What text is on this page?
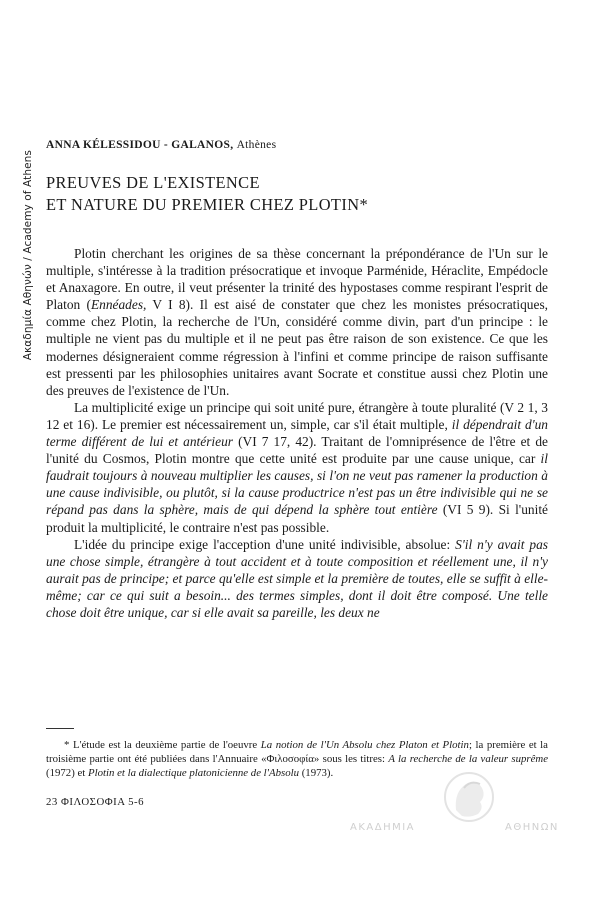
Ακαδημία Αθηνών / Academy of Athens
ANNA KÉLESSIDOU - GALANOS, Athènes
PREUVES DE L'EXISTENCE
ET NATURE DU PREMIER CHEZ PLOTIN*

Plotin cherchant les origines de sa thèse concernant la prépondérance de l'Un sur le multiple, s'intéresse à la tradition présocratique et invoque Parménide, Héraclite, Empédocle et Anaxagore. En outre, il veut présenter la trinité des hypostases comme respirant l'esprit de Platon (Ennéades, V I 8). Il est aisé de constater que chez les monistes présocratiques, comme chez Plotin, la recherche de l'Un, considéré comme divin, part d'un principe : le multiple ne vient pas du multiple et il ne peut pas être raison de son existence. Ce que les modernes désigneraient comme régression à l'infini et comme principe de raison suffisante est pressenti par les philosophies unitaires avant Socrate et constitue aussi chez Plotin une des preuves de l'existence de l'Un.

La multiplicité exige un principe qui soit unité pure, étrangère à toute pluralité (V 2 1, 3 12 et 16). Le premier est nécessairement un, simple, car s'il était multiple, il dépendrait d'un terme différent de lui et antérieur (VI 7 17, 42). Traitant de l'omniprésence de l'être et de l'unité du Cosmos, Plotin montre que cette unité est produite par une cause unique, car il faudrait toujours à nouveau multiplier les causes, si l'on ne veut pas ramener la production à une cause indivisible, ou plutôt, si la cause productrice n'est pas un être indivisible qui ne se répand pas dans la sphère, mais de qui dépend la sphère tout entière (VI 5 9). Si l'unité produit la multiplicité, le contraire n'est pas possible.

L'idée du principe exige l'acception d'une unité indivisible, absolue: S'il n'y avait pas une chose simple, étrangère à tout accident et à toute composition et réellement une, il n'y aurait pas de principe; et parce qu'elle est simple et la première de toutes, elle se suffit à elle-même; car ce qui suit a besoin... des termes simples, dont il doit être composé. Une telle chose doit être unique, car si elle avait sa pareille, les deux ne

* L'étude est la deuxième partie de l'oeuvre La notion de l'Un Absolu chez Platon et Plotin; la première et la troisième partie ont été publiées dans l'Annuaire «Φιλοσοφία» sous les titres: A la recherche de la valeur suprême (1972) et Plotin et la dialectique platonicienne de l'Absolu (1973).

23 ΦΙΛΟΣΟΦΙΑ 5-6
ΑΚΑΔΗΜΙΑ	ΑΘΗΝΩΝ
